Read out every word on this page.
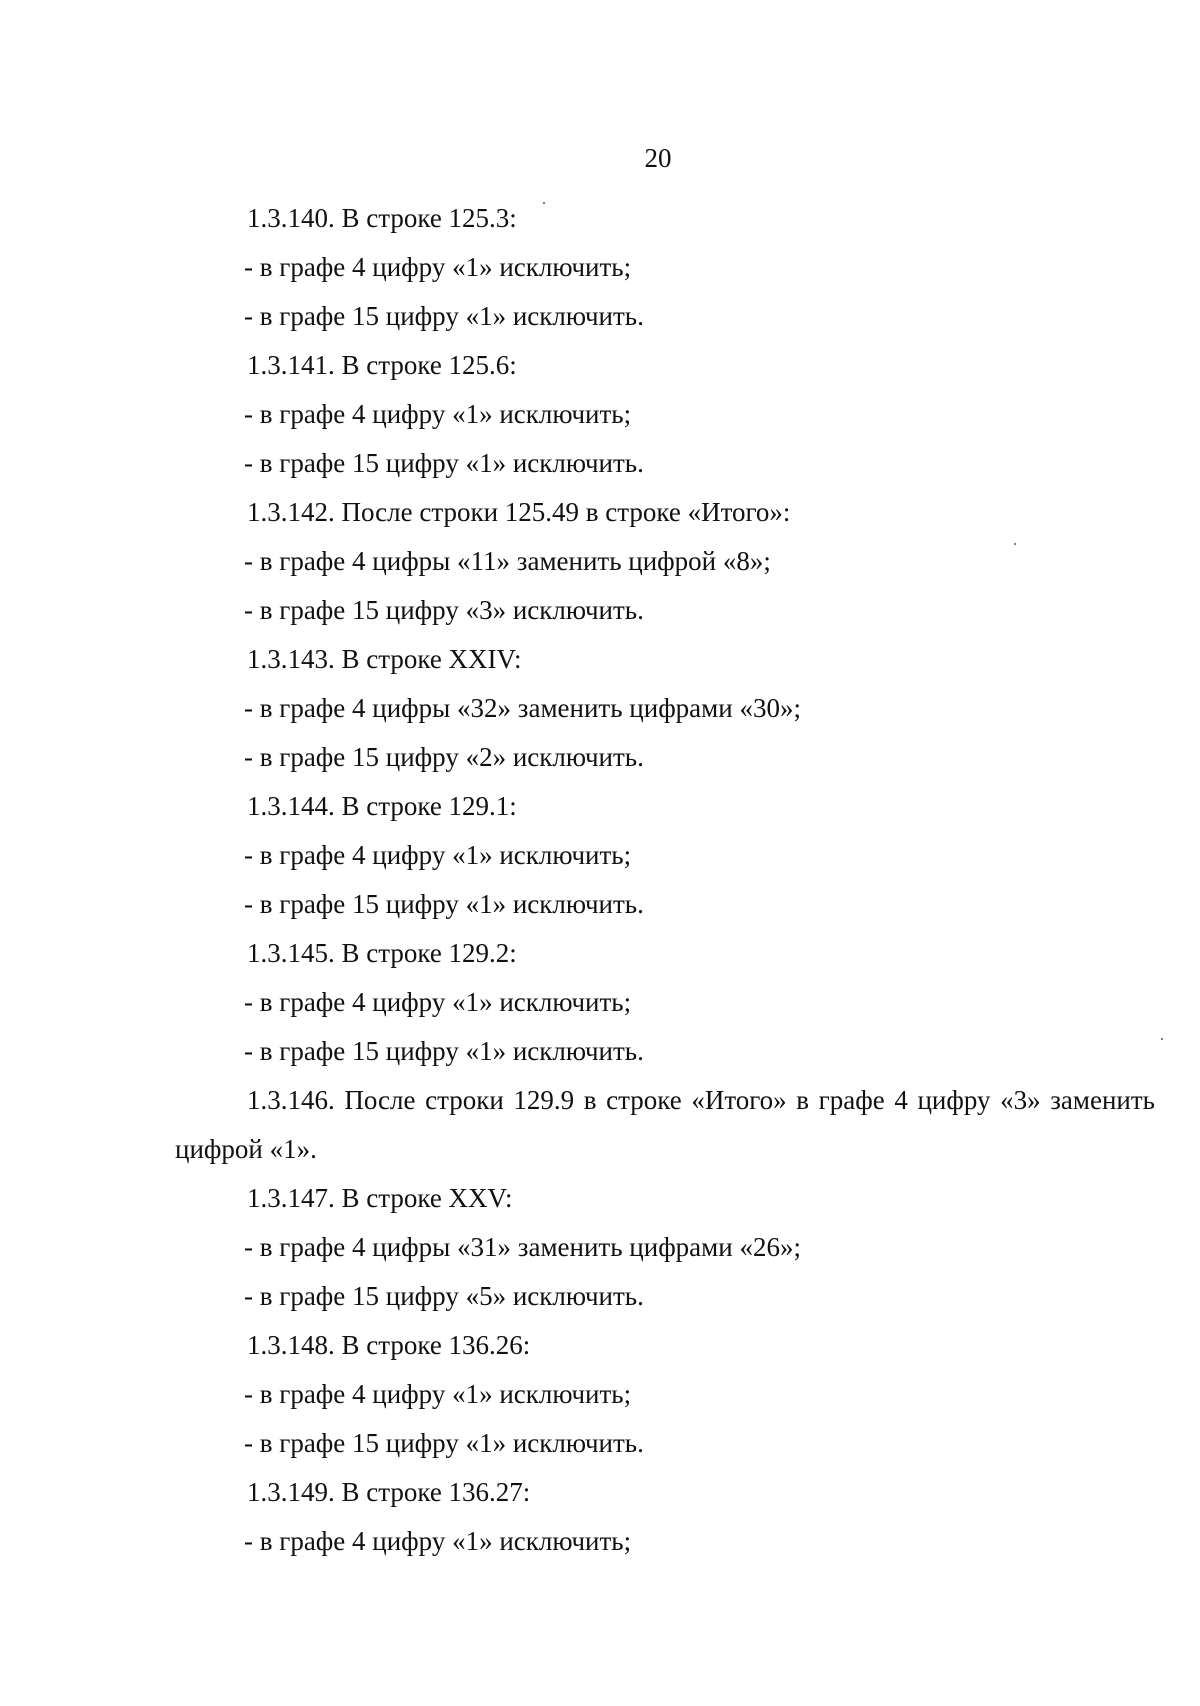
20
1.3.140. В строке 125.3:
- в графе 4 цифру «1» исключить;
- в графе 15 цифру «1» исключить.
1.3.141. В строке 125.6:
- в графе 4 цифру «1» исключить;
- в графе 15 цифру «1» исключить.
1.3.142. После строки 125.49 в строке «Итого»:
- в графе 4 цифры «11» заменить цифрой «8»;
- в графе 15 цифру «3» исключить.
1.3.143. В строке XXIV:
- в графе 4 цифры «32» заменить цифрами «30»;
- в графе 15 цифру «2» исключить.
1.3.144. В строке 129.1:
- в графе 4 цифру «1» исключить;
- в графе 15 цифру «1» исключить.
1.3.145. В строке 129.2:
- в графе 4 цифру «1» исключить;
- в графе 15 цифру «1» исключить.
1.3.146. После строки 129.9 в строке «Итого» в графе 4 цифру «3» заменить цифрой «1».
1.3.147. В строке XXV:
- в графе 4 цифры «31» заменить цифрами «26»;
- в графе 15 цифру «5» исключить.
1.3.148. В строке 136.26:
- в графе 4 цифру «1» исключить;
- в графе 15 цифру «1» исключить.
1.3.149. В строке 136.27:
- в графе 4 цифру «1» исключить;
